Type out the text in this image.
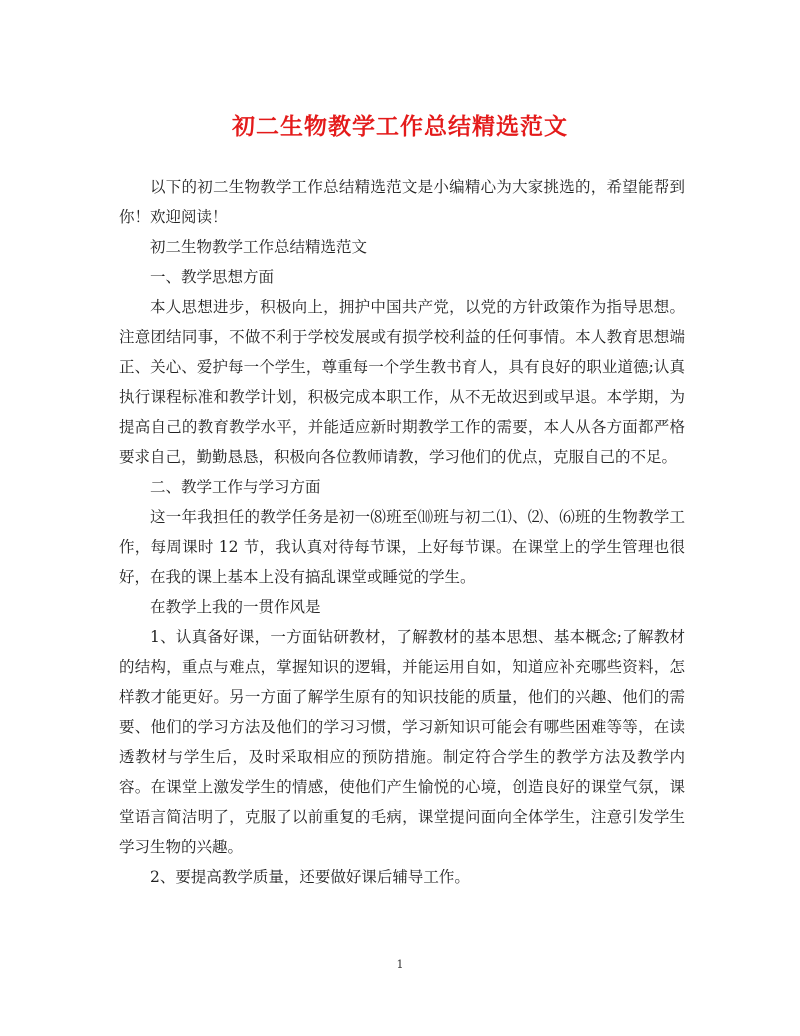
初二生物教学工作总结精选范文

以下的初二生物教学工作总结精选范文是小编精心为大家挑选的，希望能帮到你！欢迎阅读！

初二生物教学工作总结精选范文

一、教学思想方面

本人思想进步，积极向上，拥护中国共产党，以党的方针政策作为指导思想。注意团结同事，不做不利于学校发展或有损学校利益的任何事情。本人教育思想端正、关心、爱护每一个学生，尊重每一个学生教书育人，具有良好的职业道德;认真执行课程标准和教学计划，积极完成本职工作，从不无故迟到或早退。本学期，为提高自己的教育教学水平，并能适应新时期教学工作的需要，本人从各方面都严格要求自己，勤勤恳恳，积极向各位教师请教，学习他们的优点，克服自己的不足。

二、教学工作与学习方面

这一年我担任的教学任务是初一⑻班至⑽班与初二⑴、⑵、⑹班的生物教学工作，每周课时 12 节，我认真对待每节课，上好每节课。在课堂上的学生管理也很好，在我的课上基本上没有搞乱课堂或睡觉的学生。

在教学上我的一贯作风是

1、认真备好课，一方面钻研教材，了解教材的基本思想、基本概念;了解教材的结构，重点与难点，掌握知识的逻辑，并能运用自如，知道应补充哪些资料，怎样教才能更好。另一方面了解学生原有的知识技能的质量，他们的兴趣、他们的需要、他们的学习方法及他们的学习习惯，学习新知识可能会有哪些困难等等，在读透教材与学生后，及时采取相应的预防措施。制定符合学生的教学方法及教学内容。在课堂上激发学生的情感，使他们产生愉悦的心境，创造良好的课堂气氛，课堂语言简洁明了，克服了以前重复的毛病，课堂提问面向全体学生，注意引发学生学习生物的兴趣。

2、要提高教学质量，还要做好课后辅导工作。

1
